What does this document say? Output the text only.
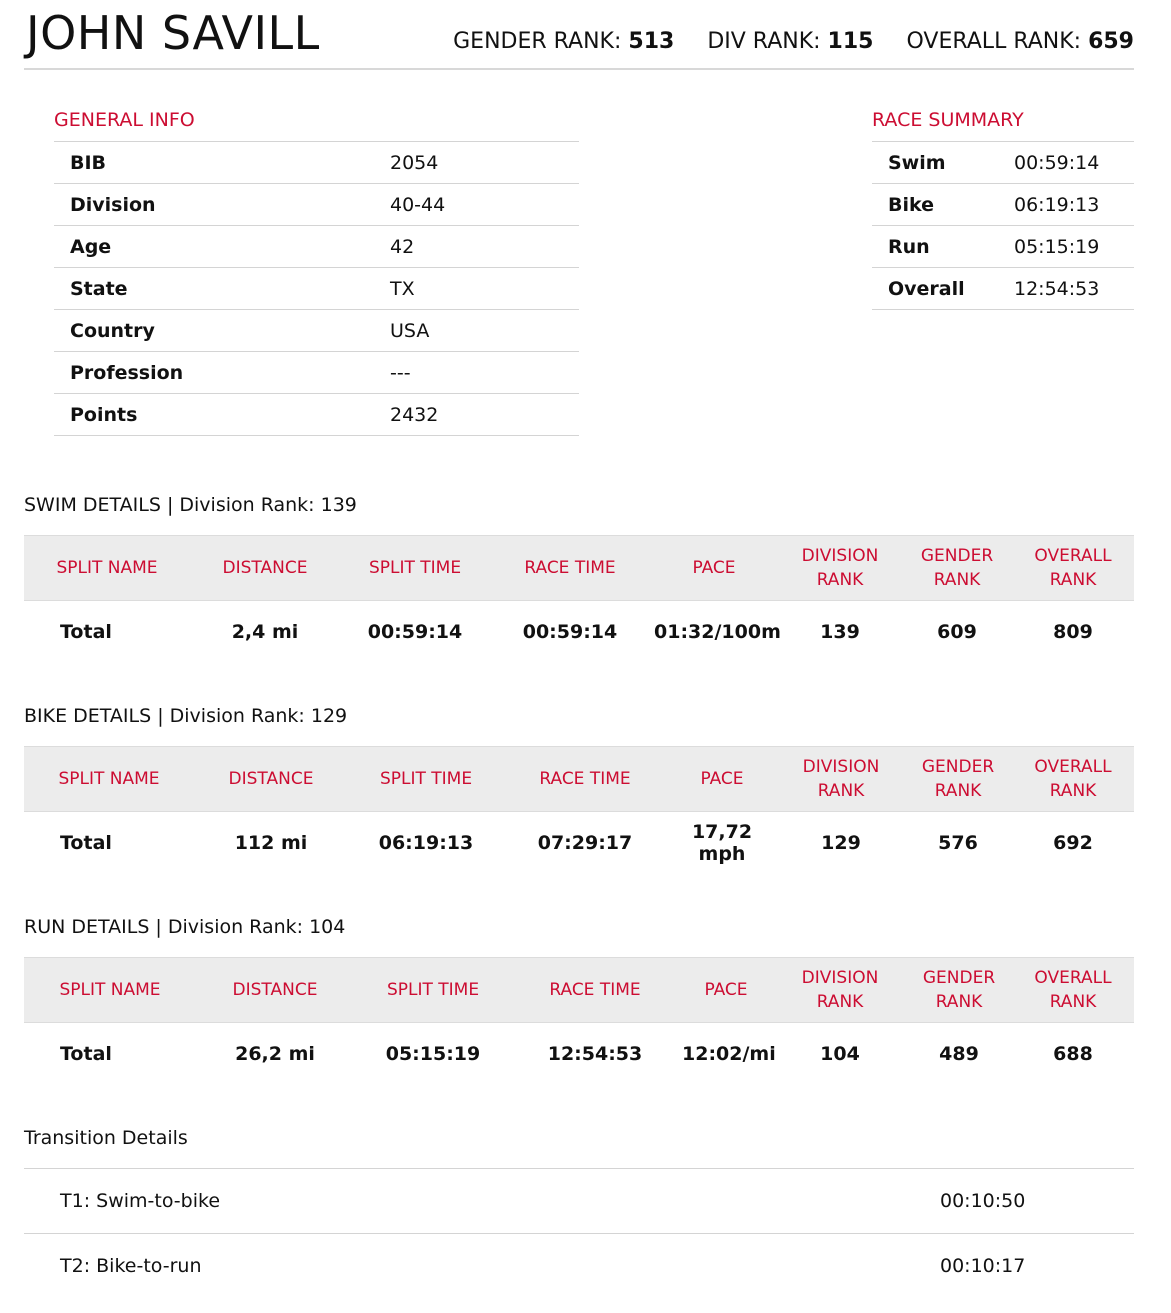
JOHN SAVILL	GENDER RANK: 513 DIV RANK: 115 OVERALL RANK: 659
GENERAL INFO
BIB	2054
Division	40-44
Age	42
State	TX
Country	USA
Profession	---
Points	2432
RACE SUMMARY
Swim	00:59:14
Bike	06:19:13
Run	05:15:19
Overall	12:54:53
SWIM DETAILS | Division Rank: 139
SPLIT NAME	DISTANCE	SPLIT TIME	RACE TIME	PACE	DIVISION RANK	GENDER RANK	OVERALL RANK
Total	2,4 mi	00:59:14	00:59:14	01:32/100m	139	609	809
BIKE DETAILS | Division Rank: 129
SPLIT NAME	DISTANCE	SPLIT TIME	RACE TIME	PACE	DIVISION RANK	GENDER RANK	OVERALL RANK
Total	112 mi	06:19:13	07:29:17	17,72 mph	129	576	692
RUN DETAILS | Division Rank: 104
SPLIT NAME	DISTANCE	SPLIT TIME	RACE TIME	PACE	DIVISION RANK	GENDER RANK	OVERALL RANK
Total	26,2 mi	05:15:19	12:54:53	12:02/mi	104	489	688
Transition Details
T1: Swim-to-bike	00:10:50
T2: Bike-to-run	00:10:17
